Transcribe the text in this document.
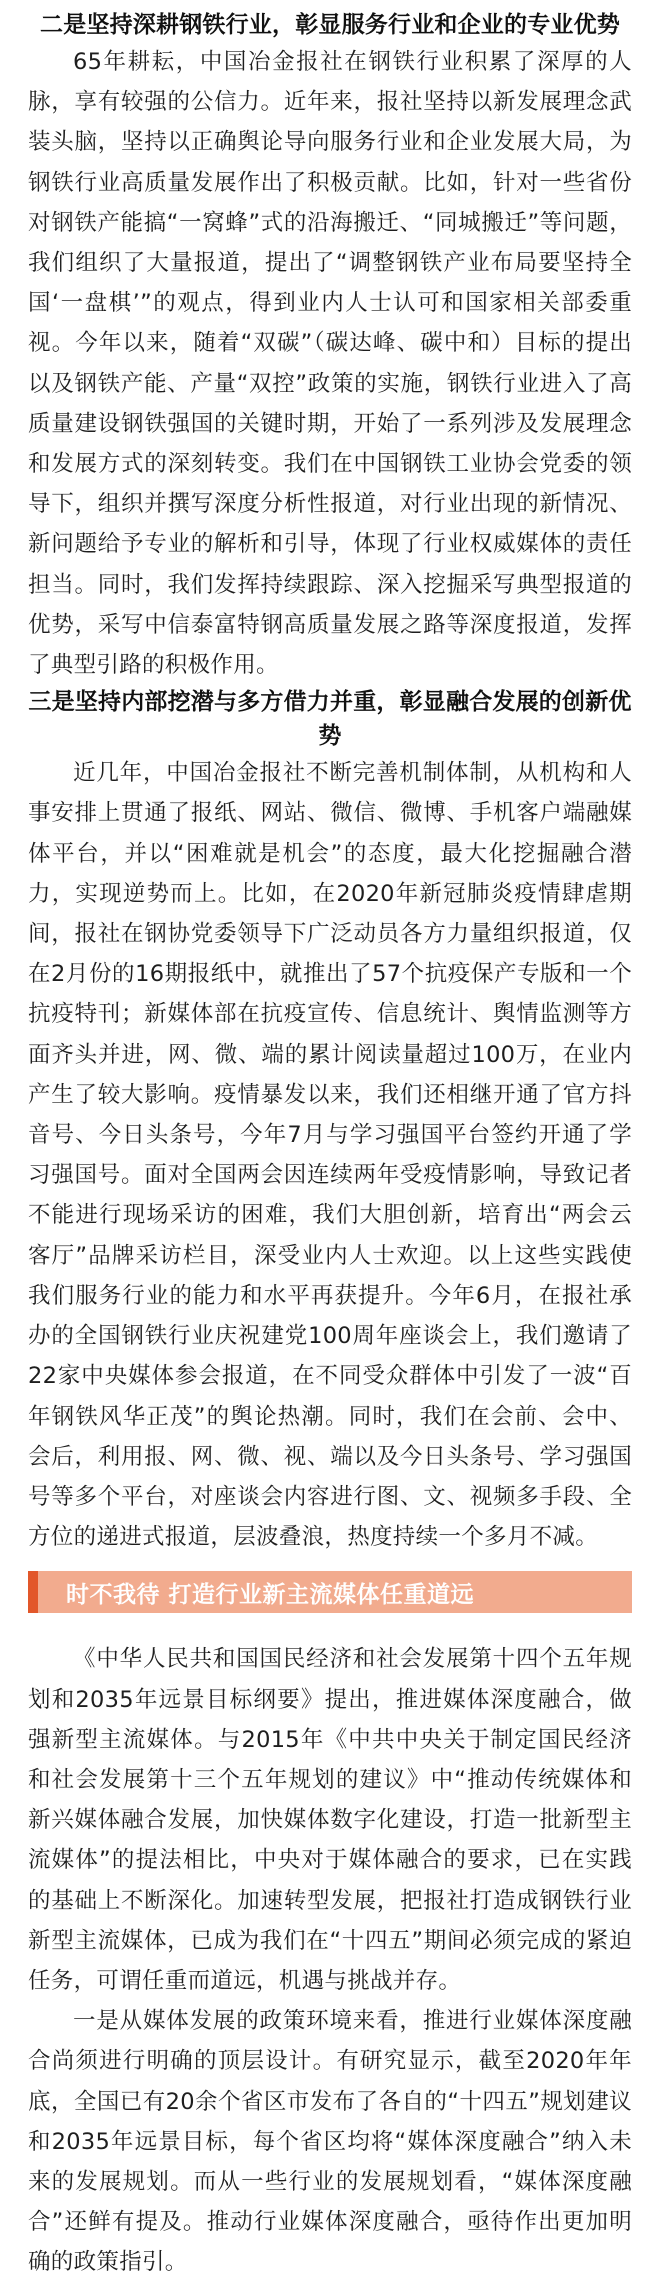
二是坚持深耕钢铁行业，彰显服务行业和企业的专业优势

65年耕耘，中国冶金报社在钢铁行业积累了深厚的人脉，享有较强的公信力。近年来，报社坚持以新发展理念武装头脑，坚持以正确舆论导向服务行业和企业发展大局，为钢铁行业高质量发展作出了积极贡献。比如，针对一些省份对钢铁产能搞“一窝蜂”式的沿海搬迁、“同城搬迁”等问题，我们组织了大量报道，提出了“调整钢铁产业布局要坚持全国‘一盘棋’”的观点，得到业内人士认可和国家相关部委重视。今年以来，随着“双碳”（碳达峰、碳中和）目标的提出以及钢铁产能、产量“双控”政策的实施，钢铁行业进入了高质量建设钢铁强国的关键时期，开始了一系列涉及发展理念和发展方式的深刻转变。我们在中国钢铁工业协会党委的领导下，组织并撰写深度分析性报道，对行业出现的新情况、新问题给予专业的解析和引导，体现了行业权威媒体的责任担当。同时，我们发挥持续跟踪、深入挖掘采写典型报道的优势，采写中信泰富特钢高质量发展之路等深度报道，发挥了典型引路的积极作用。

三是坚持内部挖潜与多方借力并重，彰显融合发展的创新优势

近几年，中国冶金报社不断完善机制体制，从机构和人事安排上贯通了报纸、网站、微信、微博、手机客户端融媒体平台，并以“困难就是机会”的态度，最大化挖掘融合潜力，实现逆势而上。比如，在2020年新冠肺炎疫情肆虐期间，报社在钢协党委领导下广泛动员各方力量组织报道，仅在2月份的16期报纸中，就推出了57个抗疫保产专版和一个抗疫特刊；新媒体部在抗疫宣传、信息统计、舆情监测等方面齐头并进，网、微、端的累计阅读量超过100万，在业内产生了较大影响。疫情暴发以来，我们还相继开通了官方抖音号、今日头条号，今年7月与学习强国平台签约开通了学习强国号。面对全国两会因连续两年受疫情影响，导致记者不能进行现场采访的困难，我们大胆创新，培育出“两会云客厅”品牌采访栏目，深受业内人士欢迎。以上这些实践使我们服务行业的能力和水平再获提升。今年6月，在报社承办的全国钢铁行业庆祝建党100周年座谈会上，我们邀请了22家中央媒体参会报道，在不同受众群体中引发了一波“百年钢铁风华正茂”的舆论热潮。同时，我们在会前、会中、会后，利用报、网、微、视、端以及今日头条号、学习强国号等多个平台，对座谈会内容进行图、文、视频多手段、全方位的递进式报道，层波叠浪，热度持续一个多月不减。

时不我待 打造行业新主流媒体任重道远

《中华人民共和国国民经济和社会发展第十四个五年规划和2035年远景目标纲要》提出，推进媒体深度融合，做强新型主流媒体。与2015年《中共中央关于制定国民经济和社会发展第十三个五年规划的建议》中“推动传统媒体和新兴媒体融合发展，加快媒体数字化建设，打造一批新型主流媒体”的提法相比，中央对于媒体融合的要求，已在实践的基础上不断深化。加速转型发展，把报社打造成钢铁行业新型主流媒体，已成为我们在“十四五”期间必须完成的紧迫任务，可谓任重而道远，机遇与挑战并存。

一是从媒体发展的政策环境来看，推进行业媒体深度融合尚须进行明确的顶层设计。有研究显示，截至2020年年底，全国已有20余个省区市发布了各自的“十四五”规划建议和2035年远景目标，每个省区均将“媒体深度融合”纳入未来的发展规划。而从一些行业的发展规划看，“媒体深度融合”还鲜有提及。推动行业媒体深度融合，亟待作出更加明确的政策指引。
